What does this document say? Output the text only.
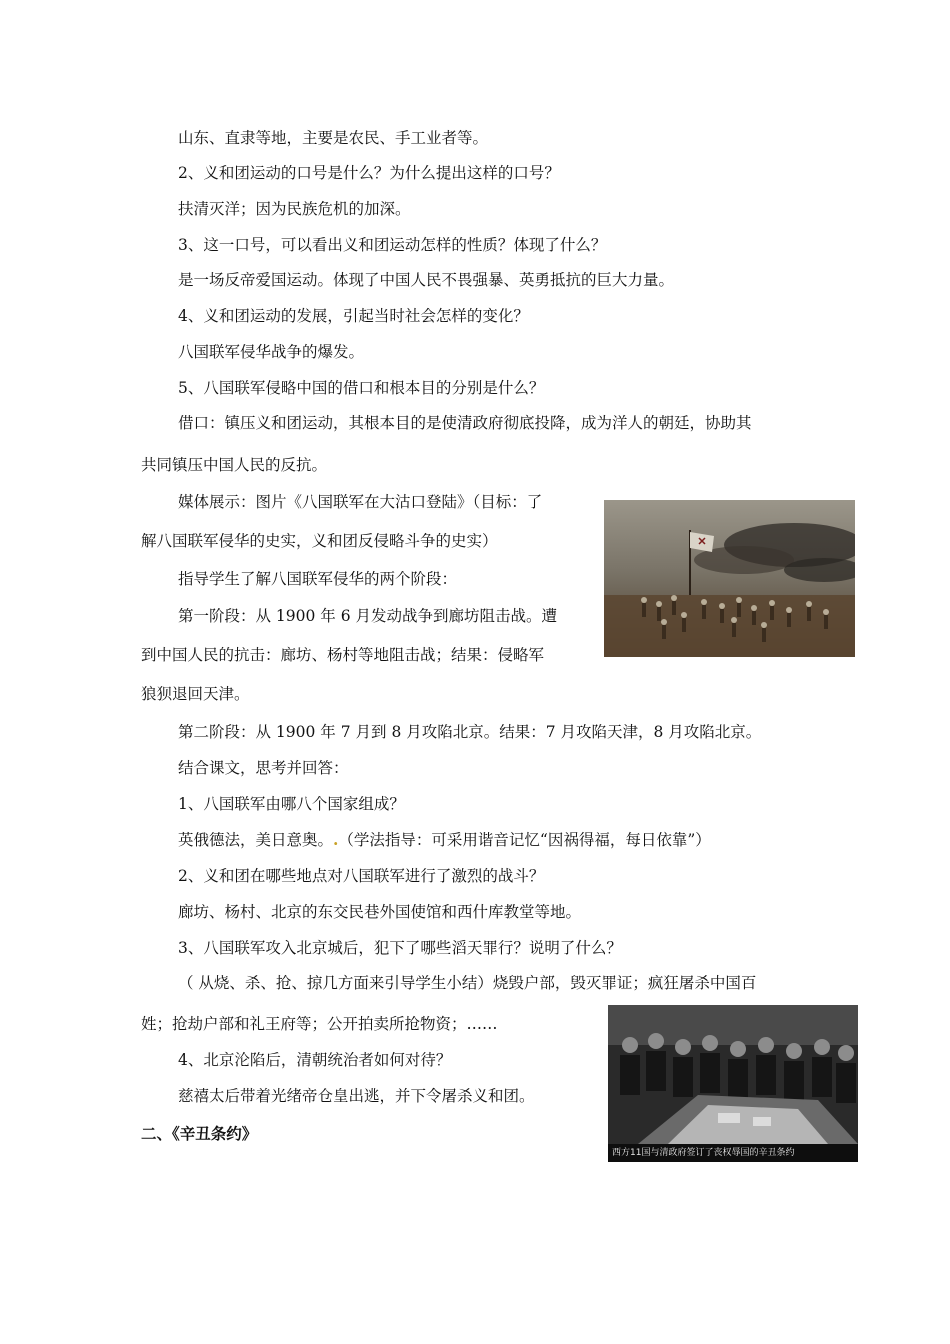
山东、直隶等地，主要是农民、手工业者等。
2、义和团运动的口号是什么？为什么提出这样的口号？
扶清灭洋；因为民族危机的加深。
3、这一口号，可以看出义和团运动怎样的性质？体现了什么？
是一场反帝爱国运动。体现了中国人民不畏强暴、英勇抵抗的巨大力量。
4、义和团运动的发展，引起当时社会怎样的变化？
八国联军侵华战争的爆发。
5、八国联军侵略中国的借口和根本目的分别是什么？
借口：镇压义和团运动，其根本目的是使清政府彻底投降，成为洋人的朝廷，协助其
共同镇压中国人民的反抗。
媒体展示：图片《八国联军在大沽口登陆》（目标：了
解八国联军侵华的史实，义和团反侵略斗争的史实）
指导学生了解八国联军侵华的两个阶段：
第一阶段：从 1900 年 6 月发动战争到廊坊阻击战。遭
到中国人民的抗击：廊坊、杨村等地阻击战；结果：侵略军
狼狈退回天津。
第二阶段：从 1900 年 7 月到 8 月攻陷北京。结果：7 月攻陷天津，8 月攻陷北京。
结合课文，思考并回答：
1、八国联军由哪八个国家组成？
英俄德法，美日意奥。.（学法指导：可采用谐音记忆“因祸得福，每日依靠”）
2、义和团在哪些地点对八国联军进行了激烈的战斗？
廊坊、杨村、北京的东交民巷外国使馆和西什库教堂等地。
3、八国联军攻入北京城后，犯下了哪些滔天罪行？说明了什么？
（ 从烧、杀、抢、掠几方面来引导学生小结）烧毁户部，毁灭罪证；疯狂屠杀中国百
姓；抢劫户部和礼王府等；公开拍卖所抢物资；……
4、北京沦陷后，清朝统治者如何对待？
慈禧太后带着光绪帝仓皇出逃，并下令屠杀义和团。
二、《辛丑条约》
西方11国与清政府签订了丧权辱国的辛丑条约
